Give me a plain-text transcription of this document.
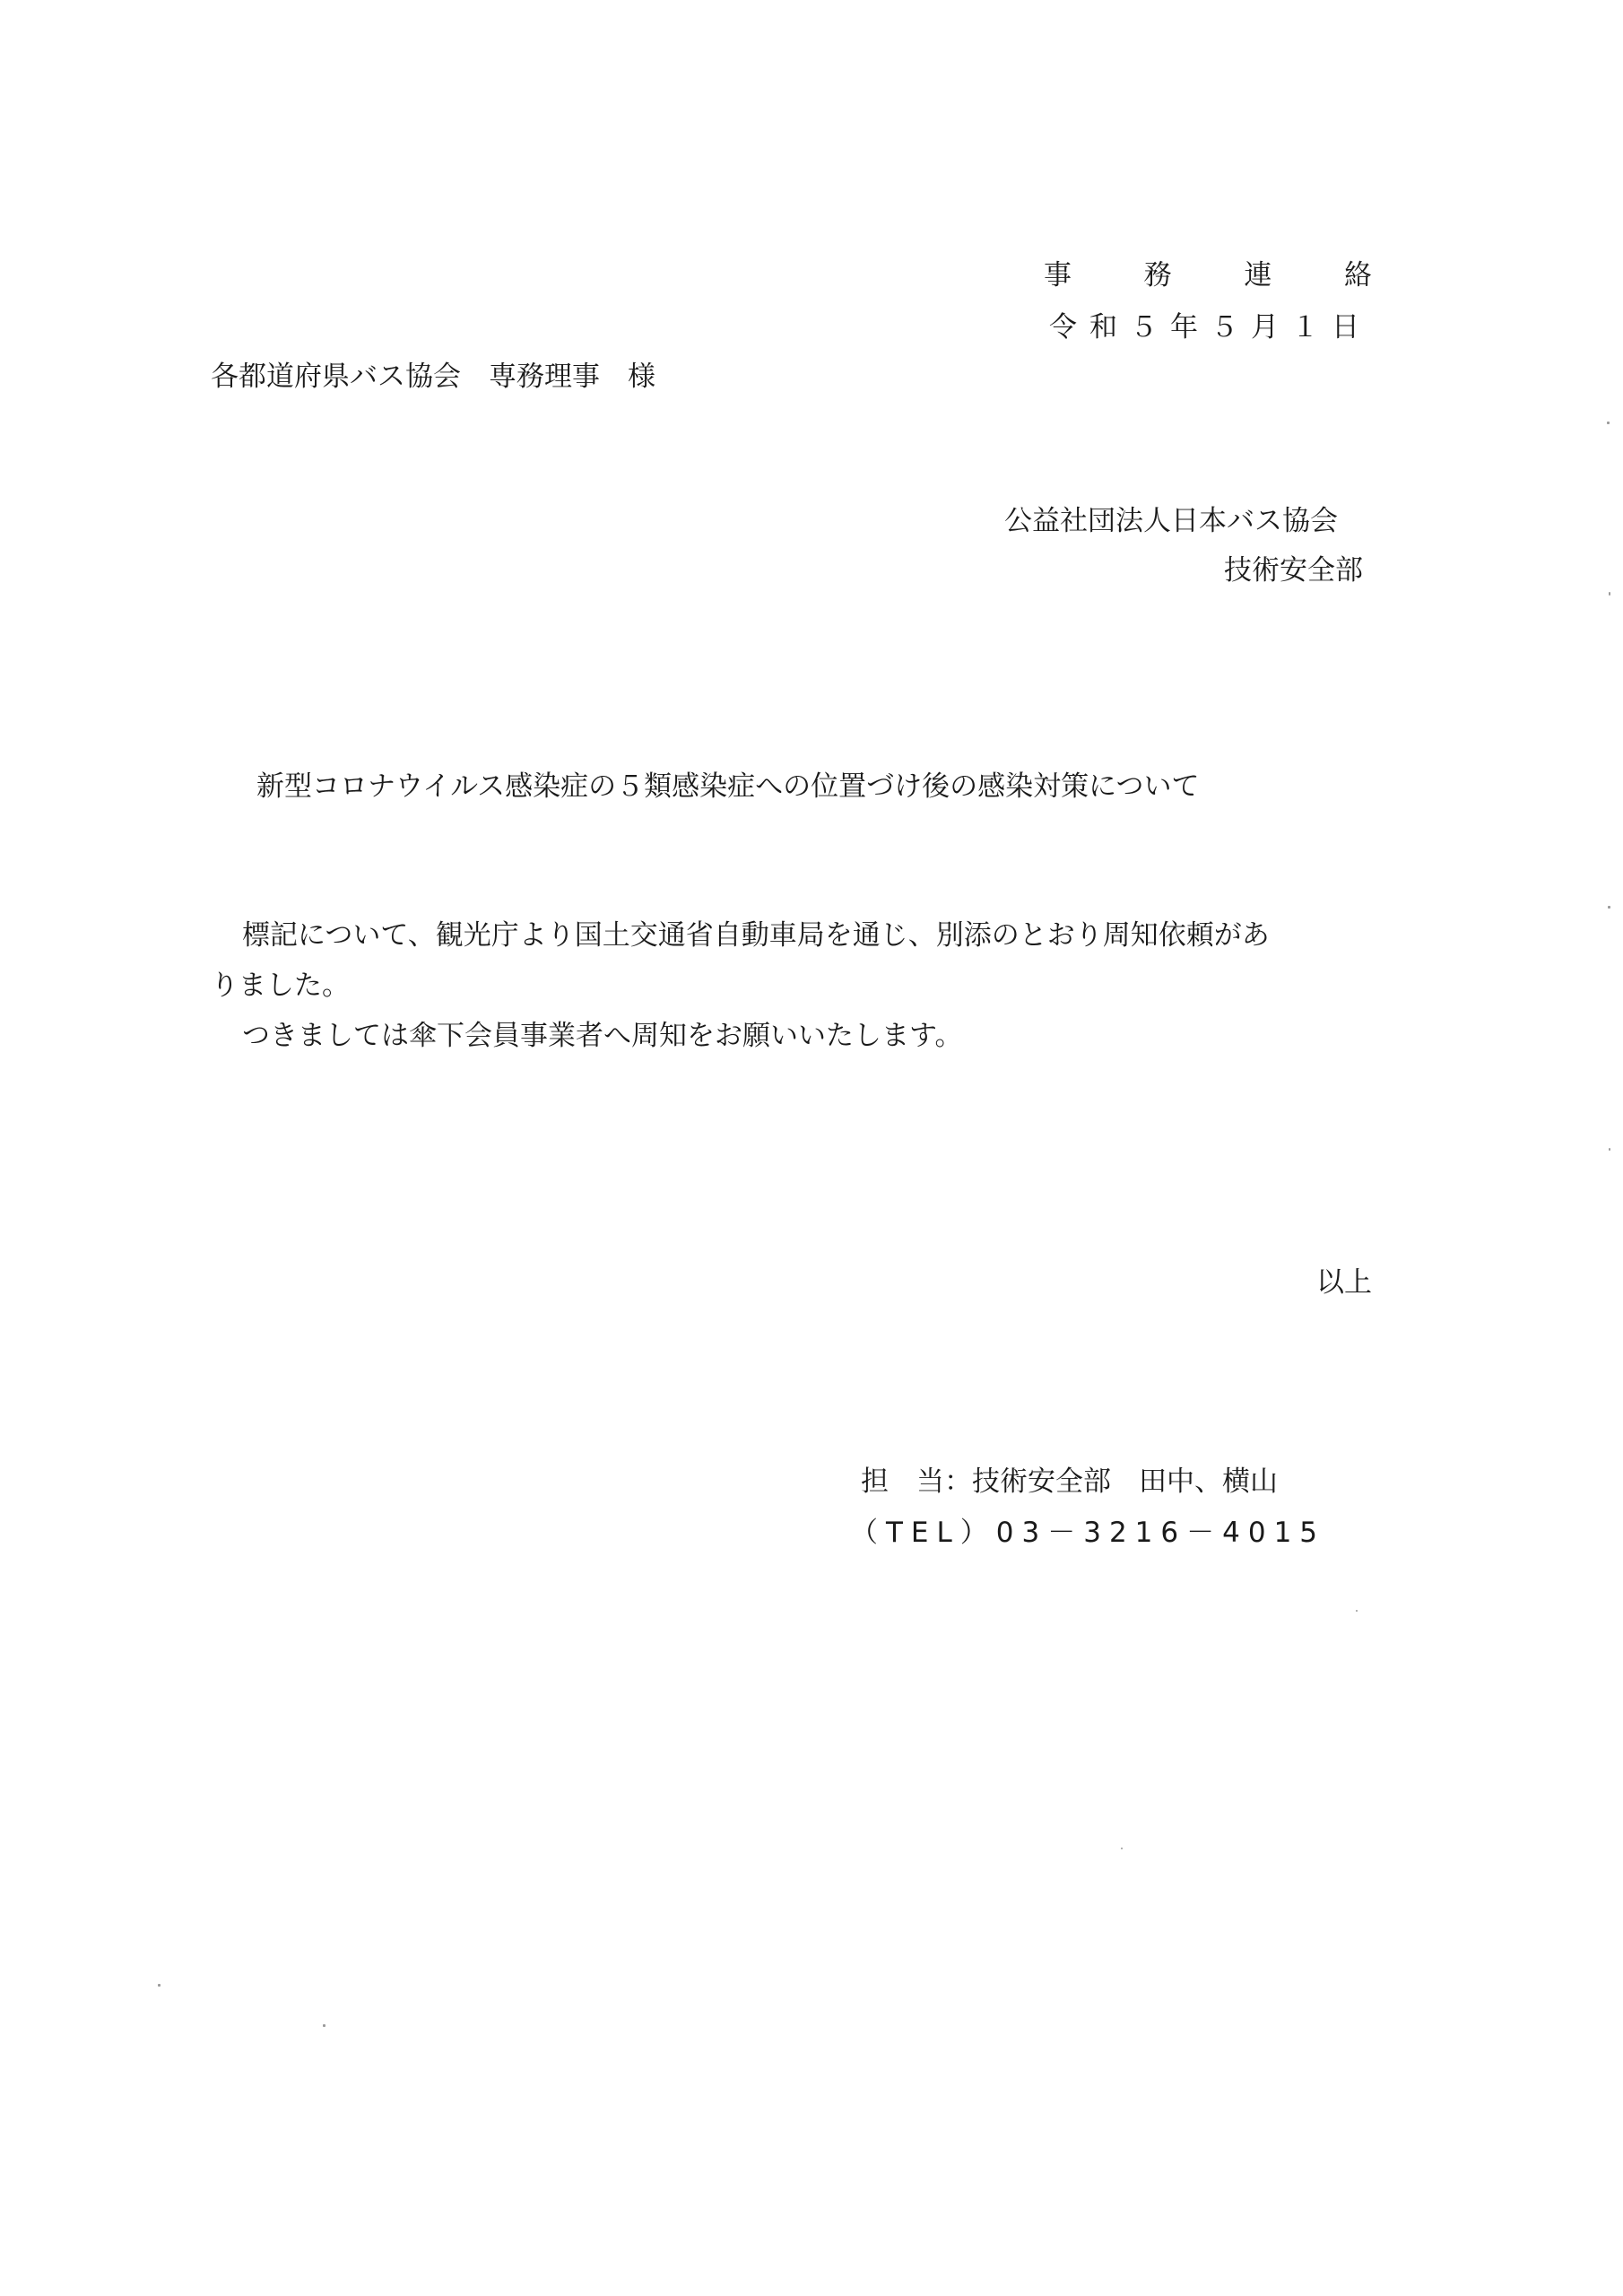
事	務	連	絡
令和５年５月１日
各都道府県バス協会　専務理事　様
公益社団法人日本バス協会
技術安全部
新型コロナウイルス感染症の５類感染症への位置づけ後の感染対策について
標記について、観光庁より国土交通省自動車局を通じ、別添のとおり周知依頼があ
りました。
つきましては傘下会員事業者へ周知をお願いいたします。
以上
担　当：技術安全部　田中、横山
（TEL）03－3216－4015
